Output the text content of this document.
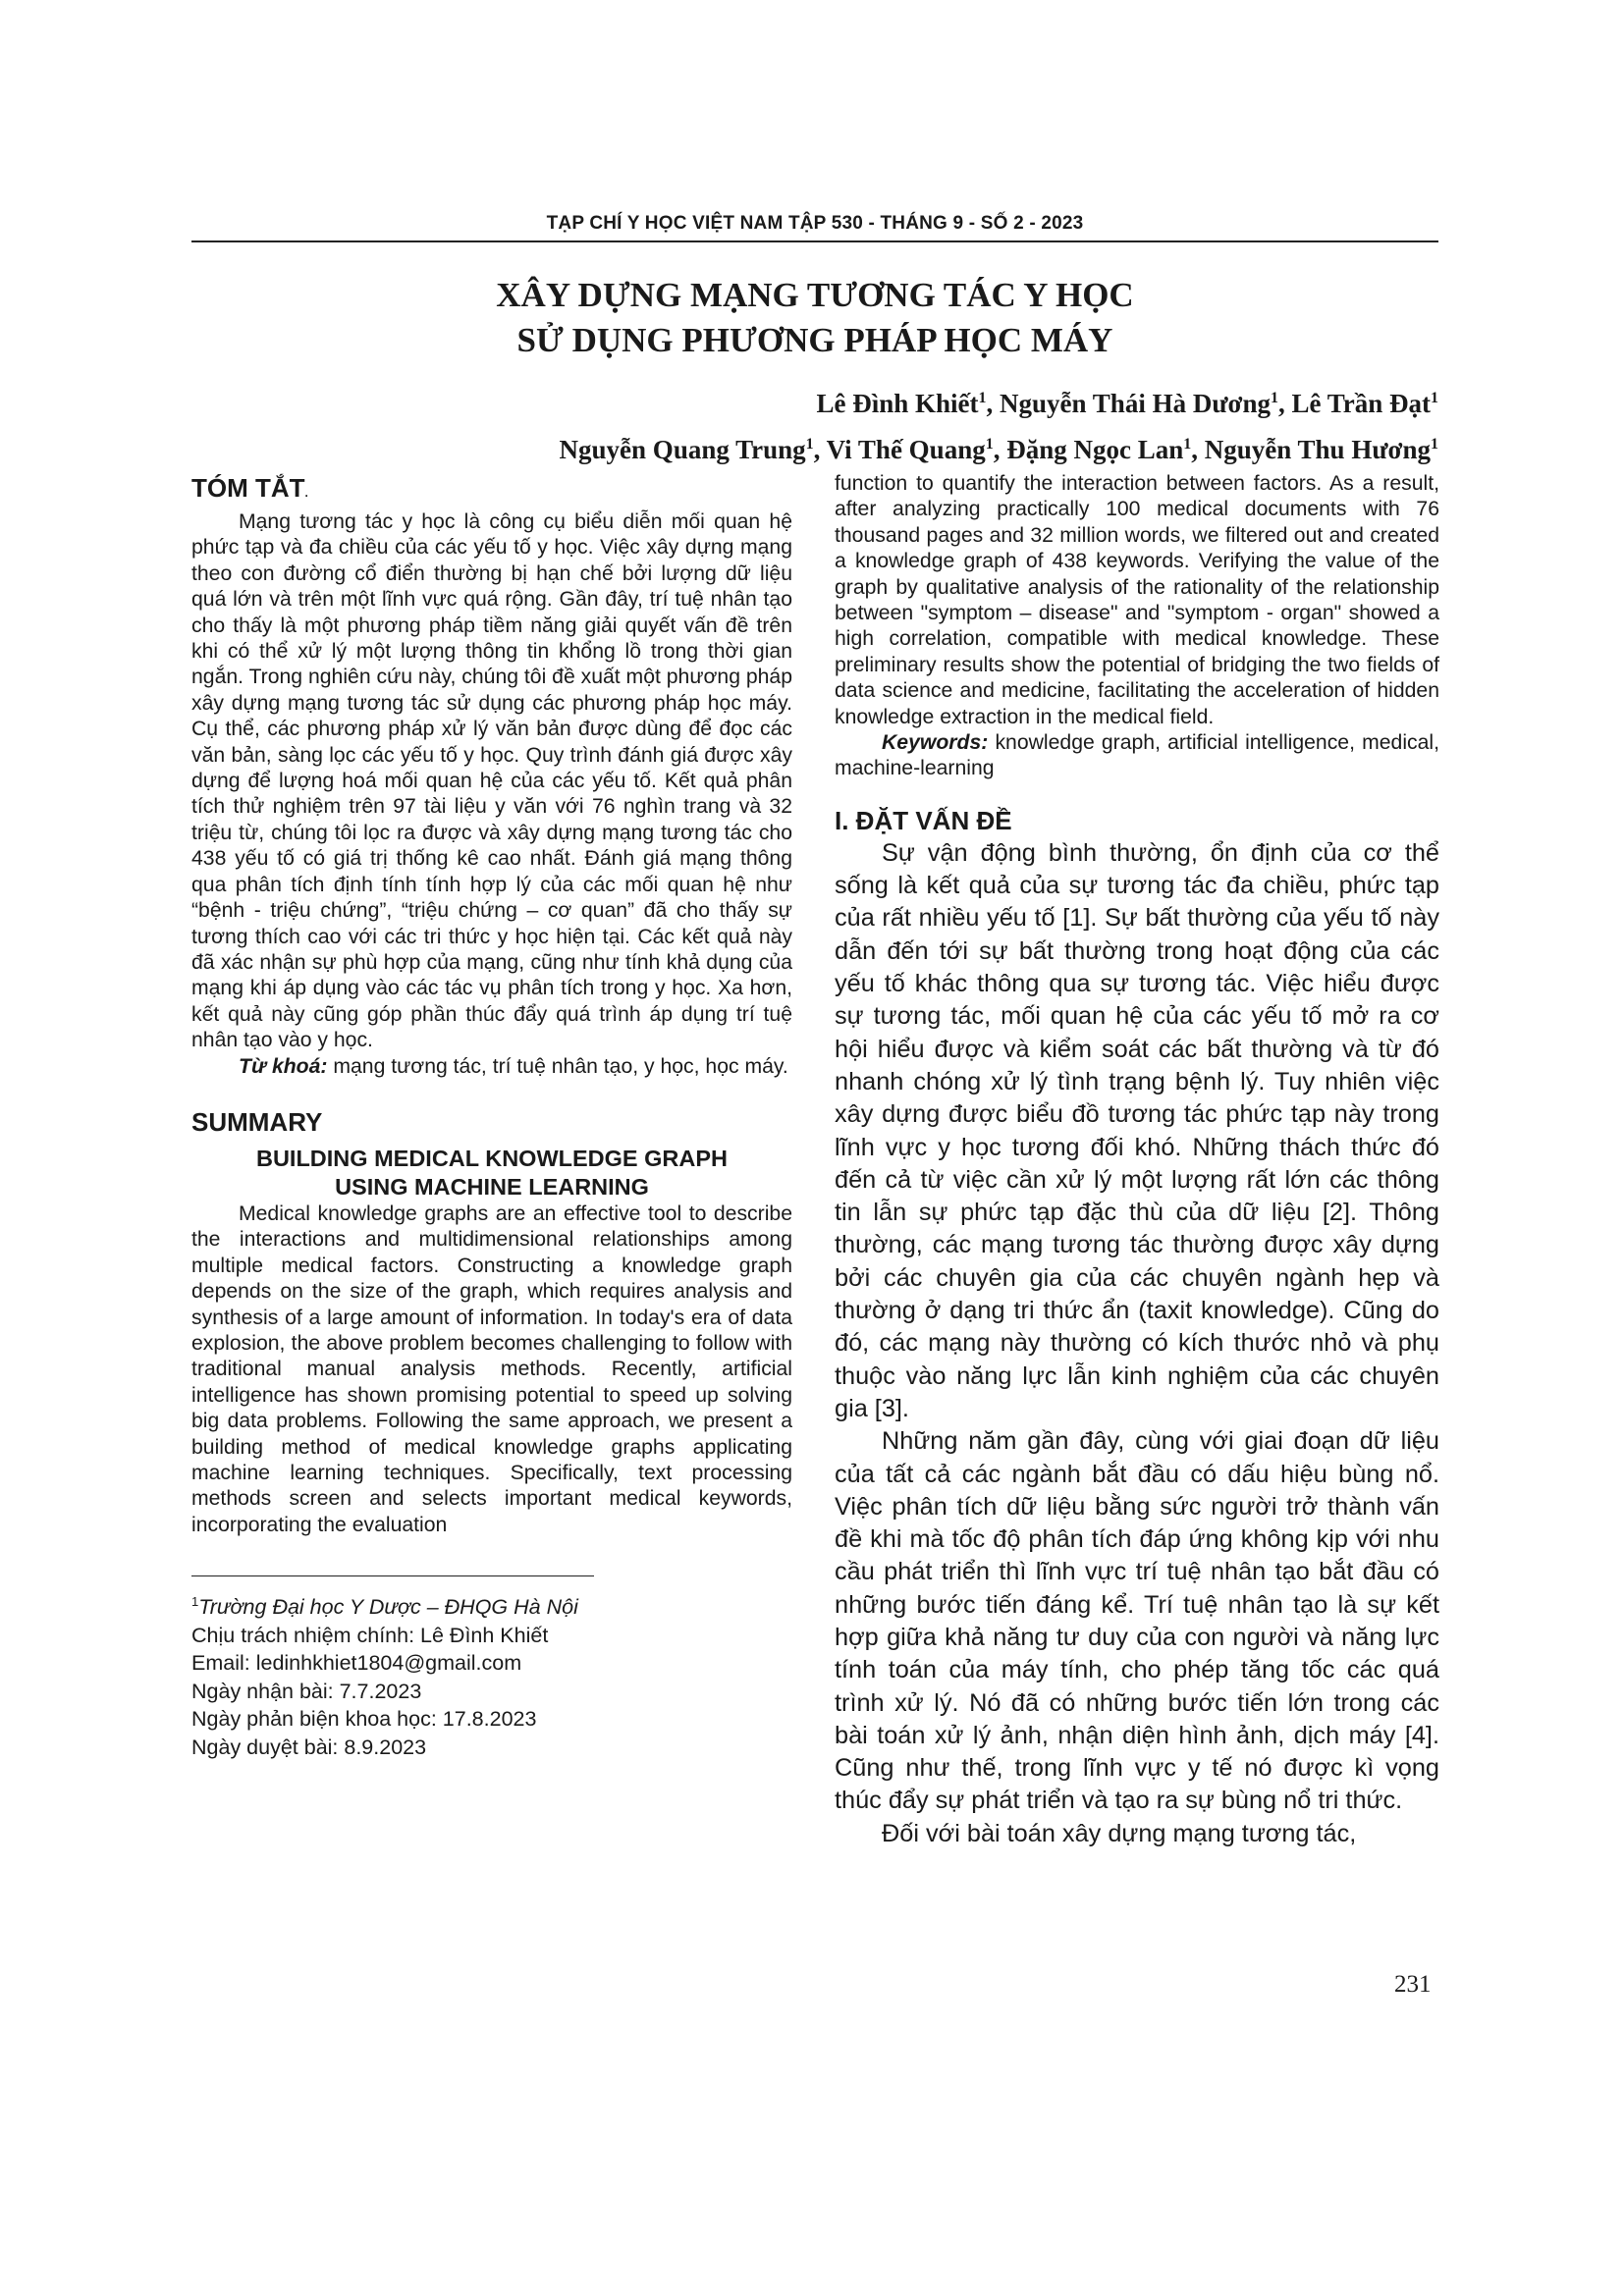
TẠP CHÍ Y HỌC VIỆT NAM TẬP 530 - THÁNG 9 - SỐ 2 - 2023
XÂY DỰNG MẠNG TƯƠNG TÁC Y HỌC
SỬ DỤNG PHƯƠNG PHÁP HỌC MÁY
Lê Đình Khiết$^1$, Nguyễn Thái Hà Dương$^1$, Lê Trần Đạt$^1$
Nguyễn Quang Trung$^1$, Vi Thế Quang$^1$, Đặng Ngọc Lan$^1$, Nguyễn Thu Hương$^1$
TÓM TẮT.

Mạng tương tác y học là công cụ biểu diễn mối quan hệ phức tạp và đa chiều của các yếu tố y học. Việc xây dựng mạng theo con đường cổ điển thường bị hạn chế bởi lượng dữ liệu quá lớn và trên một lĩnh vực quá rộng. Gần đây, trí tuệ nhân tạo cho thấy là một phương pháp tiềm năng giải quyết vấn đề trên khi có thể xử lý một lượng thông tin khổng lồ trong thời gian ngắn. Trong nghiên cứu này, chúng tôi đề xuất một phương pháp xây dựng mạng tương tác sử dụng các phương pháp học máy. Cụ thể, các phương pháp xử lý văn bản được dùng để đọc các văn bản, sàng lọc các yếu tố y học. Quy trình đánh giá được xây dựng để lượng hoá mối quan hệ của các yếu tố. Kết quả phân tích thử nghiệm trên 97 tài liệu y văn với 76 nghìn trang và 32 triệu từ, chúng tôi lọc ra được và xây dựng mạng tương tác cho 438 yếu tố có giá trị thống kê cao nhất. Đánh giá mạng thông qua phân tích định tính tính hợp lý của các mối quan hệ như “bệnh - triệu chứng”, “triệu chứng – cơ quan” đã cho thấy sự tương thích cao với các tri thức y học hiện tại. Các kết quả này đã xác nhận sự phù hợp của mạng, cũng như tính khả dụng của mạng khi áp dụng vào các tác vụ phân tích trong y học. Xa hơn, kết quả này cũng góp phần thúc đẩy quá trình áp dụng trí tuệ nhân tạo vào y học.

Từ khoá: mạng tương tác, trí tuệ nhân tạo, y học, học máy.

SUMMARY
BUILDING MEDICAL KNOWLEDGE GRAPH
USING MACHINE LEARNING

Medical knowledge graphs are an effective tool to describe the interactions and multidimensional relationships among multiple medical factors. Constructing a knowledge graph depends on the size of the graph, which requires analysis and synthesis of a large amount of information. In today's era of data explosion, the above problem becomes challenging to follow with traditional manual analysis methods. Recently, artificial intelligence has shown promising potential to speed up solving big data problems. Following the same approach, we present a building method of medical knowledge graphs applicating machine learning techniques. Specifically, text processing methods screen and selects important medical keywords, incorporating the evaluation

$^1$Trường Đại học Y Dược – ĐHQG Hà Nội

Chịu trách nhiệm chính: Lê Đình Khiết

Email: ledinhkhiet1804@gmail.com

Ngày nhận bài: 7.7.2023

Ngày phản biện khoa học: 17.8.2023

Ngày duyệt bài: 8.9.2023

function to quantify the interaction between factors. As a result, after analyzing practically 100 medical documents with 76 thousand pages and 32 million words, we filtered out and created a knowledge graph of 438 keywords. Verifying the value of the graph by qualitative analysis of the rationality of the relationship between "symptom – disease" and "symptom - organ" showed a high correlation, compatible with medical knowledge. These preliminary results show the potential of bridging the two fields of data science and medicine, facilitating the acceleration of hidden knowledge extraction in the medical field.

Keywords: knowledge graph, artificial intelligence, medical, machine-learning

I. ĐẶT VẤN ĐỀ

Sự vận động bình thường, ổn định của cơ thể sống là kết quả của sự tương tác đa chiều, phức tạp của rất nhiều yếu tố [1]. Sự bất thường của yếu tố này dẫn đến tới sự bất thường trong hoạt động của các yếu tố khác thông qua sự tương tác. Việc hiểu được sự tương tác, mối quan hệ của các yếu tố mở ra cơ hội hiểu được và kiểm soát các bất thường và từ đó nhanh chóng xử lý tình trạng bệnh lý. Tuy nhiên việc xây dựng được biểu đồ tương tác phức tạp này trong lĩnh vực y học tương đối khó. Những thách thức đó đến cả từ việc cần xử lý một lượng rất lớn các thông tin lẫn sự phức tạp đặc thù của dữ liệu [2]. Thông thường, các mạng tương tác thường được xây dựng bởi các chuyên gia của các chuyên ngành hẹp và thường ở dạng tri thức ẩn (taxit knowledge). Cũng do đó, các mạng này thường có kích thước nhỏ và phụ thuộc vào năng lực lẫn kinh nghiệm của các chuyên gia [3].

Những năm gần đây, cùng với giai đoạn dữ liệu của tất cả các ngành bắt đầu có dấu hiệu bùng nổ. Việc phân tích dữ liệu bằng sức người trở thành vấn đề khi mà tốc độ phân tích đáp ứng không kịp với nhu cầu phát triển thì lĩnh vực trí tuệ nhân tạo bắt đầu có những bước tiến đáng kể. Trí tuệ nhân tạo là sự kết hợp giữa khả năng tư duy của con người và năng lực tính toán của máy tính, cho phép tăng tốc các quá trình xử lý. Nó đã có những bước tiến lớn trong các bài toán xử lý ảnh, nhận diện hình ảnh, dịch máy [4]. Cũng như thế, trong lĩnh vực y tế nó được kì vọng thúc đẩy sự phát triển và tạo ra sự bùng nổ tri thức.

Đối với bài toán xây dựng mạng tương tác,

231
